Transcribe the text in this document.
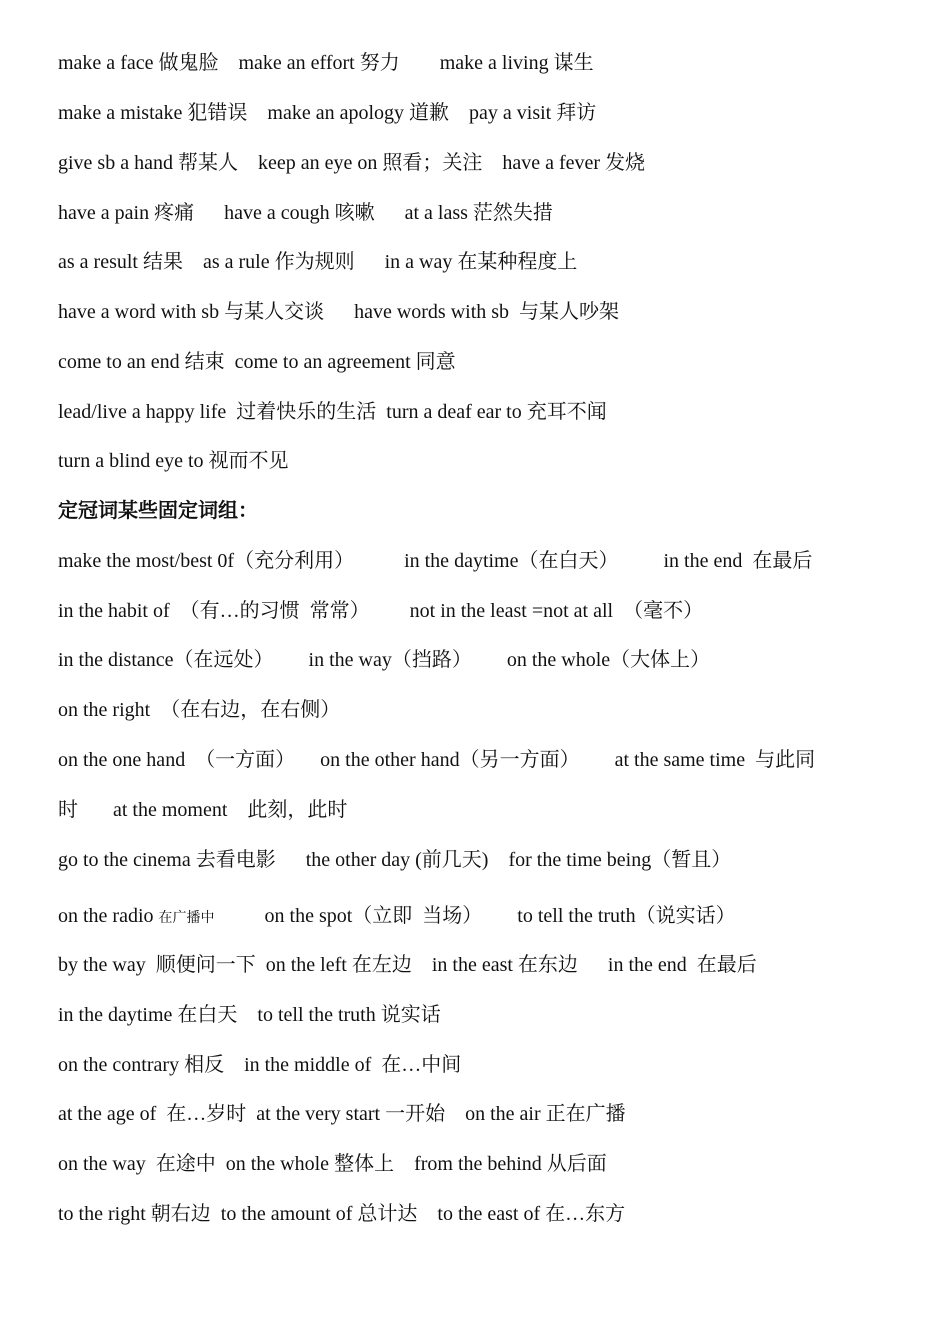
make a face 做鬼脸    make an effort 努力        make a living 谋生
make a mistake 犯错误    make an apology 道歉    pay a visit 拜访
give sb a hand 帮某人    keep an eye on 照看；关注    have a fever 发烧
have a pain 疼痛      have a cough 咳嗽      at a lass 茫然失措
as a result 结果    as a rule 作为规则      in a way 在某种程度上
have a word with sb 与某人交谈      have words with sb  与某人吵架
come to an end 结束  come to an agreement 同意
lead/live a happy life  过着快乐的生活  turn a deaf ear to 充耳不闻
turn a blind eye to 视而不见
定冠词某些固定词组：
make the most/best 0f（充分利用）          in the daytime（在白天）         in the end  在最后
in the habit of  （有…的习惯  常常）        not in the least =not at all  （毫不）
in the distance（在远处）       in the way（挡路）       on the whole（大体上）
on the right  （在右边，在右侧）
on the one hand  （一方面）     on the other hand（另一方面）       at the same time  与此同
时       at the moment    此刻，此时
go to the cinema 去看电影      the other day (前几天)    for the time being（暂且）
on the radio 在广播中          on the spot（立即  当场）       to tell the truth（说实话）
by the way  顺便问一下  on the left 在左边    in the east 在东边      in the end  在最后
in the daytime 在白天    to tell the truth 说实话
on the contrary 相反    in the middle of  在…中间
at the age of  在…岁时  at the very start 一开始    on the air 正在广播
on the way  在途中  on the whole 整体上    from the behind 从后面
to the right 朝右边  to the amount of 总计达    to the east of 在…东方
